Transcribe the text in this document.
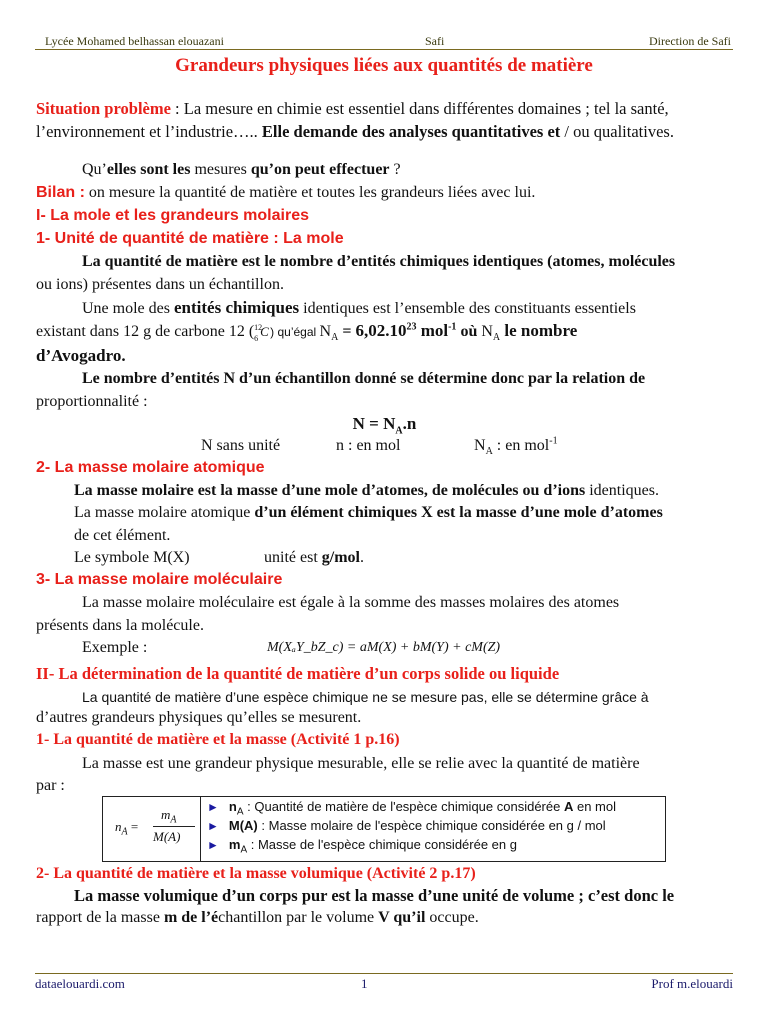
Lycée Mohamed belhassan elouazani	Safi	Direction de Safi
Grandeurs physiques liées aux quantités de matière
Situation problème : La mesure en chimie est essentiel dans différentes domaines ; tel la santé, l’environnement et l’industrie….. Elle demande des analyses quantitatives et / ou qualitatives.
Qu’elles sont les mesures qu’on peut effectuer ?
Bilan : on mesure la quantité de matière et toutes les grandeurs liées avec lui.
I- La mole et les grandeurs molaires
1- Unité de quantité de matière : La mole
La quantité de matière est le nombre d’entités chimiques identiques (atomes, molécules
ou ions) présentes dans un échantillon.
Une mole des entités chimiques identiques est l’ensemble des constituants essentiels
existant dans 12 g de carbone 12 ( 12
6 C ) qu’égal $N_A = 6,02.10^{23}$ mol$^{-1}$ où $N_A$ le nombre
d’Avogadro.
Le nombre d’entités N d’un échantillon donné se détermine donc par la relation de
proportionnalité :
$N = N_A.n$
N sans unité	n : en mol	$N_A$ : en mol$^{-1}$
2- La masse molaire atomique
La masse molaire est la masse d’une mole d’atomes, de molécules ou d’ions identiques.
La masse molaire atomique d’un élément chimiques X est la masse d’une mole d’atomes
de cet élément.
Le symbole M(X)	unité est g/mol.
3- La masse molaire moléculaire
La masse molaire moléculaire est égale à la somme des masses molaires des atomes
présents dans la molécule.
Exemple :	M(XₐY_bZ_c) = aM(X) + bM(Y) + cM(Z)
II- La détermination de la quantité de matière d’un corps solide ou liquide
La quantité de matière d’une espèce chimique ne se mesure pas, elle se détermine grâce à
d’autres grandeurs physiques qu’elles se mesurent.
1- La quantité de matière et la masse (Activité 1 p.16)
La masse est une grandeur physique mesurable, elle se relie avec la quantité de matière
par :
$n_A$ =
$m_A$
M(A)
► $n_A$ : Quantité de matière de l'espèce chimique considérée A en mol
► M(A) : Masse molaire de l'espèce chimique considérée en g / mol
► $m_A$ : Masse de l'espèce chimique considérée en g
2- La quantité de matière et la masse volumique (Activité 2 p.17)
La masse volumique d’un corps pur est la masse d’une unité de volume ; c’est donc le
rapport de la masse m de l’échantillon par le volume V qu’il occupe.
dataelouardi.com	1	Prof m.elouardi
